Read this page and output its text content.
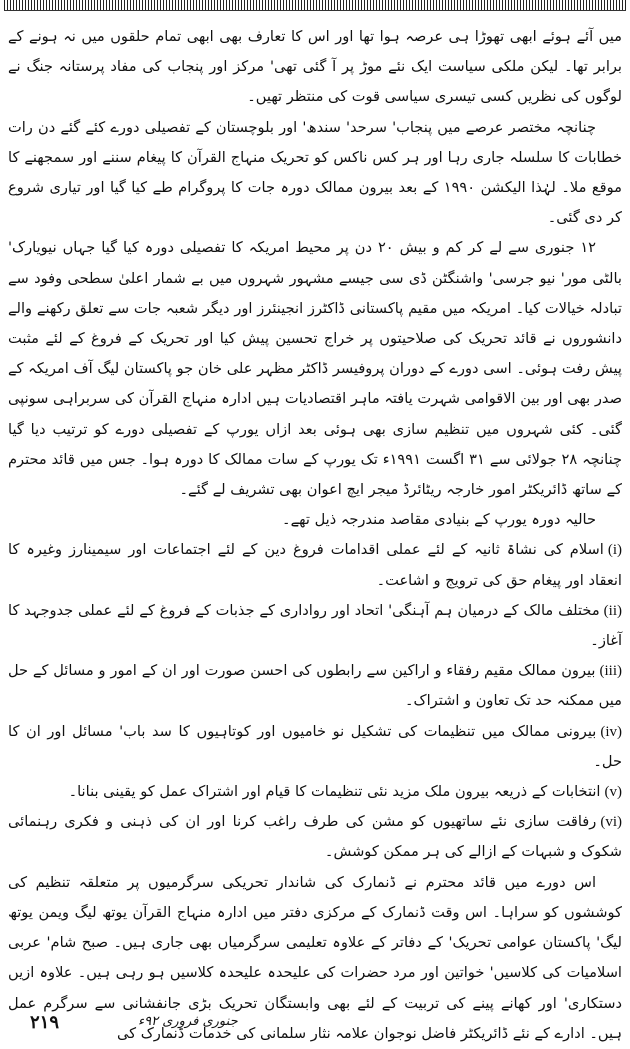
میں آئے ہوئے ابھی تھوڑا ہی عرصہ ہوا تھا اور اس کا تعارف بھی ابھی تمام حلقوں میں نہ ہونے کے برابر تھا۔ لیکن ملکی سیاست ایک نئے موڑ پر آ گئی تھی' مرکز اور پنجاب کی مفاد پرستانہ جنگ نے لوگوں کی نظریں کسی تیسری سیاسی قوت کی منتظر تھیں۔

چنانچہ مختصر عرصے میں پنجاب' سرحد' سندھ' اور بلوچستان کے تفصیلی دورے کئے گئے دن رات خطابات کا سلسلہ جاری رہا اور ہر کس ناکس کو تحریک منہاج القرآن کا پیغام سننے اور سمجھنے کا موقع ملا۔ لہٰذا الیکشن ۱۹۹۰ کے بعد بیرون ممالک دورہ جات کا پروگرام طے کیا گیا اور تیاری شروع کر دی گئی۔

۱۲ جنوری سے لے کر کم و بیش ۲۰ دن پر محیط امریکہ کا تفصیلی دورہ کیا گیا جہاں نیویارک' بالٹی مور' نیو جرسی' واشنگٹن ڈی سی جیسے مشہور شہروں میں بے شمار اعلیٰ سطحی وفود سے تبادلہ خیالات کیا۔ امریکہ میں مقیم پاکستانی ڈاکٹرز انجینئرز اور دیگر شعبہ جات سے تعلق رکھنے والے دانشوروں نے قائد تحریک کی صلاحیتوں پر خراج تحسین پیش کیا اور تحریک کے فروغ کے لئے مثبت پیش رفت ہوئی۔ اسی دورے کے دوران پروفیسر ڈاکٹر مظہر علی خان جو پاکستان لیگ آف امریکہ کے صدر بھی اور بین الاقوامی شہرت یافتہ ماہر اقتصادیات ہیں ادارہ منہاج القرآن کی سربراہی سونپی گئی۔ کئی شہروں میں تنظیم سازی بھی ہوئی بعد ازاں یورپ کے تفصیلی دورے کو ترتیب دیا گیا چنانچہ ۲۸ جولائی سے ۳۱ اگست ۱۹۹۱ء تک یورپ کے سات ممالک کا دورہ ہوا۔ جس میں قائد محترم کے ساتھ ڈائریکٹر امور خارجہ ریٹائرڈ میجر ایچ اعوان بھی تشریف لے گئے۔

حالیہ دورہ یورپ کے بنیادی مقاصد مندرجہ ذیل تھے۔

(i)اسلام کی نشاۃ ثانیہ کے لئے عملی اقدامات فروغ دین کے لئے اجتماعات اور سیمینارز وغیرہ کا انعقاد اور پیغام حق کی ترویج و اشاعت۔

(ii)مختلف مالک کے درمیان ہم آہنگی' اتحاد اور رواداری کے جذبات کے فروغ کے لئے عملی جدوجہد کا آغاز۔

(iii)بیرون ممالک مقیم رفقاء و اراکین سے رابطوں کی احسن صورت اور ان کے امور و مسائل کے حل میں ممکنہ حد تک تعاون و اشتراک۔

(iv)بیرونی ممالک میں تنظیمات کی تشکیل نو خامیوں اور کوتاہیوں کا سد باب' مسائل اور ان کا حل۔

(v)انتخابات کے ذریعہ بیرون ملک مزید نئی تنظیمات کا قیام اور اشتراک عمل کو یقینی بنانا۔

(vi)رفاقت سازی نئے ساتھیوں کو مشن کی طرف راغب کرنا اور ان کی ذہنی و فکری رہنمائی شکوک و شبہات کے ازالے کی ہر ممکن کوشش۔

اس دورے میں قائد محترم نے ڈنمارک کی شاندار تحریکی سرگرمیوں پر متعلقہ تنظیم کی کوششوں کو سراہا۔ اس وقت ڈنمارک کے مرکزی دفتر میں ادارہ منہاج القرآن یوتھ لیگ ویمن یوتھ لیگ' پاکستان عوامی تحریک' کے دفاتر کے علاوہ تعلیمی سرگرمیاں بھی جاری ہیں۔ صبح شام' عربی اسلامیات کی کلاسیں' خواتین اور مرد حضرات کی علیحدہ علیحدہ کلاسیں ہو رہی ہیں۔ علاوہ ازیں دستکاری' اور کھانے پینے کی تربیت کے لئے بھی وابستگان تحریک بڑی جانفشانی سے سرگرم عمل ہیں۔ ادارے کے نئے ڈائریکٹر فاضل نوجوان علامہ نثار سلمانی کی خدمات ڈنمارک کی

۲۱۹	جنوری فروری ۹۲ء
